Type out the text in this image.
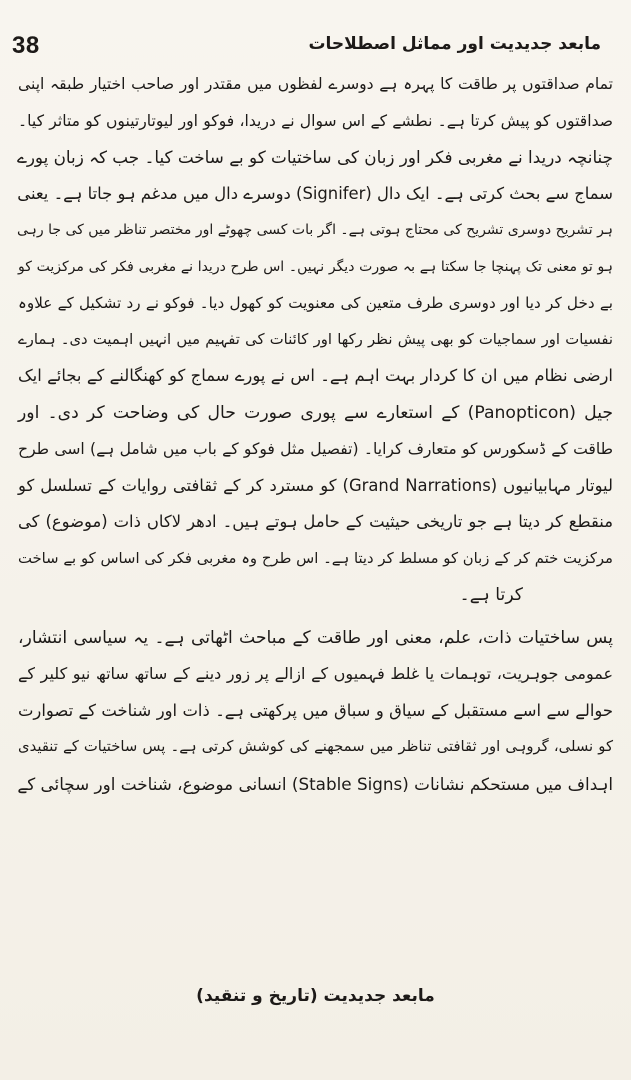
38	مابعد جدیدیت اور مماثل اصطلاحات
تمام صداقتوں پر طاقت کا پہرہ ہے دوسرے لفظوں میں مقتدر اور صاحب اختیار طبقہ اپنی
صداقتوں کو پیش کرتا ہے۔ نطشے کے اس سوال نے دریدا، فوکو اور لیوتارتینوں کو متاثر کیا۔
چنانچہ دریدا نے مغربی فکر اور زبان کی ساختیات کو بے ساخت کیا۔ جب کہ زبان پورے
سماج سے بحث کرتی ہے۔ ایک دال (Signifer) دوسرے دال میں مدغم ہو جاتا ہے۔ یعنی
ہر تشریح دوسری تشریح کی محتاج ہوتی ہے۔ اگر بات کسی چھوٹے اور مختصر تناظر میں کی جا رہی
ہو تو معنی تک پہنچا جا سکتا ہے بہ صورت دیگر نہیں۔ اس طرح دریدا نے مغربی فکر کی مرکزیت کو
بے دخل کر دیا اور دوسری طرف متعین کی معنویت کو کھول دیا۔ فوکو نے رد تشکیل کے علاوہ
نفسیات اور سماجیات کو بھی پیش نظر رکھا اور کائنات کی تفہیم میں انہیں اہمیت دی۔ ہمارے
ارضی نظام میں ان کا کردار بہت اہم ہے۔ اس نے پورے سماج کو کھنگالنے کے بجائے ایک
جیل (Panopticon) کے استعارے سے پوری صورت حال کی وضاحت کر دی۔ اور
طاقت کے ڈسکورس کو متعارف کرایا۔ (تفصیل مثل فوکو کے باب میں شامل ہے) اسی طرح
لیوتار مہابیانیوں (Grand Narrations) کو مسترد کر کے ثقافتی روایات کے تسلسل کو
منقطع کر دیتا ہے جو تاریخی حیثیت کے حامل ہوتے ہیں۔ ادھر لاکاں ذات (موضوع) کی
مرکزیت ختم کر کے زبان کو مسلط کر دیتا ہے۔ اس طرح وہ مغربی فکر کی اساس کو بے ساخت
کرتا ہے۔
پس ساختیات ذات، علم، معنی اور طاقت کے مباحث اٹھاتی ہے۔ یہ سیاسی انتشار،
عمومی جوہریت، توہمات یا غلط فہمیوں کے ازالے پر زور دینے کے ساتھ ساتھ نیو کلیر کے
حوالے سے اسے مستقبل کے سیاق و سباق میں پرکھتی ہے۔ ذات اور شناخت کے تصوارت
کو نسلی، گروہی اور ثقافتی تناظر میں سمجھنے کی کوشش کرتی ہے۔ پس ساختیات کے تنقیدی
اہداف میں مستحکم نشانات (Stable Signs) انسانی موضوع، شناخت اور سچائی کے
مابعد جدیدیت (تاریخ و تنقید)
